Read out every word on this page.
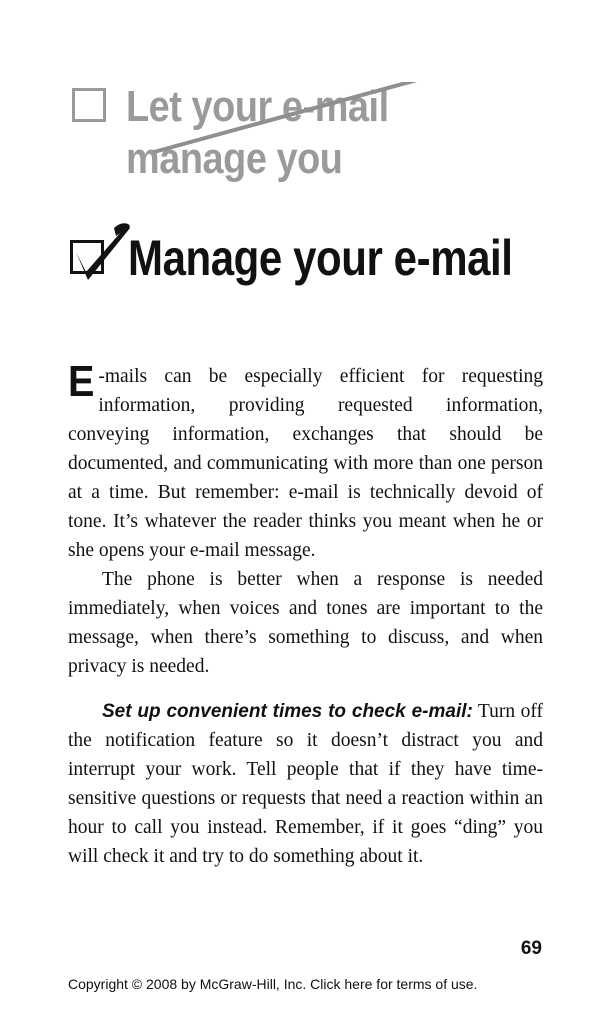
Let your e-mail
manage you
Manage your e-mail

E -mails can be especially efficient for requesting information, providing requested information, conveying information, exchanges that should be documented, and communicating with more than one person at a time. But remember: e-mail is technically devoid of tone. It’s whatever the reader thinks you meant when he or she opens your e-mail message.

The phone is better when a response is needed immediately, when voices and tones are important to the message, when there’s something to discuss, and when privacy is needed.

Set up convenient times to check e-mail: Turn off the notification feature so it doesn’t distract you and interrupt your work. Tell people that if they have time-sensitive questions or requests that need a reaction within an hour to call you instead. Remember, if it goes “ding” you will check it and try to do something about it.

69
Copyright © 2008 by McGraw-Hill, Inc. Click here for terms of use.
